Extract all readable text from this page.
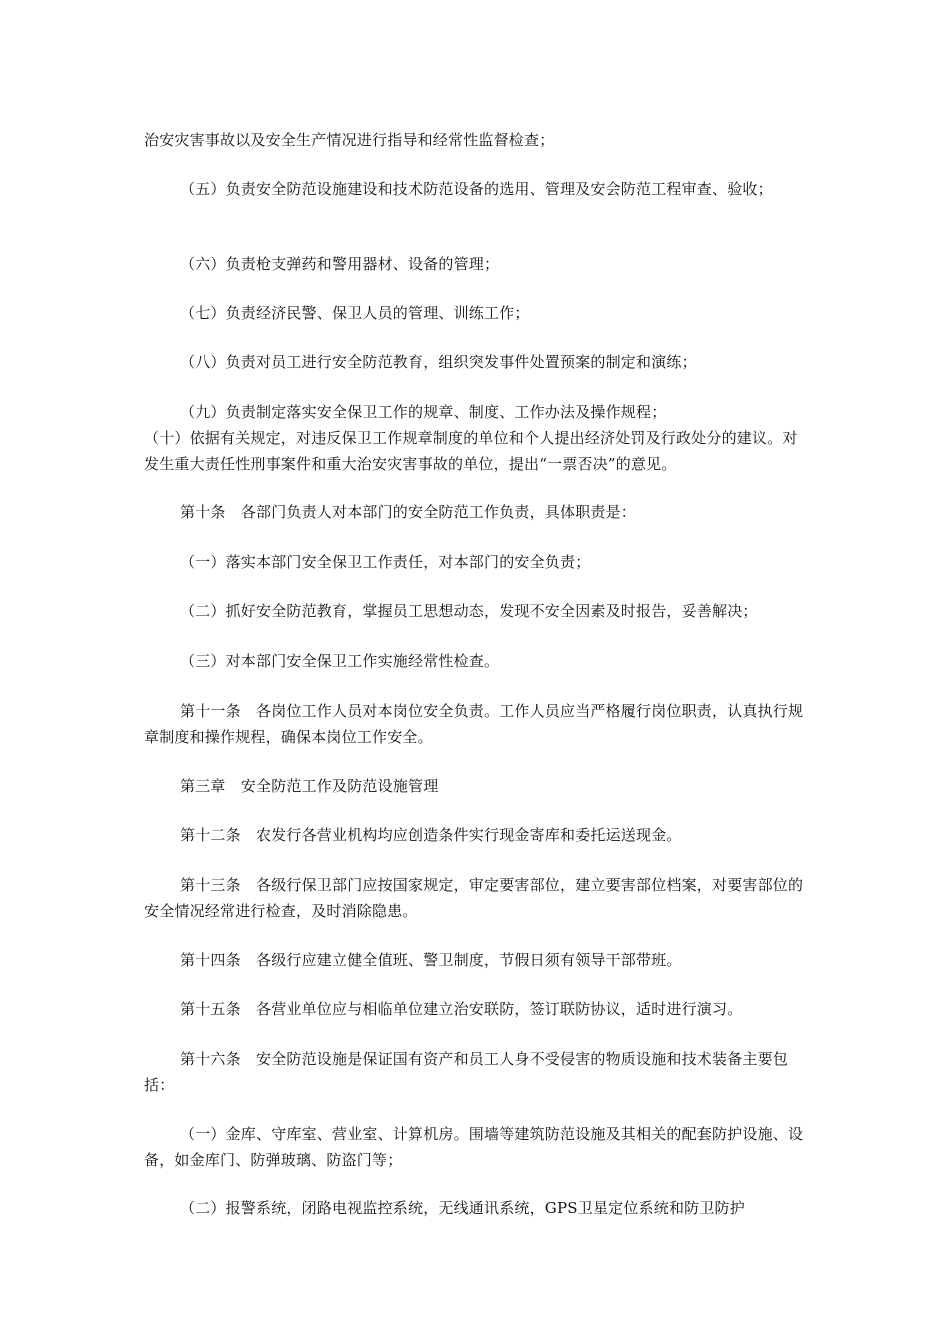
治安灾害事故以及安全生产情况进行指导和经常性监督检查；

（五）负责安全防范设施建设和技术防范设备的选用、管理及安会防范工程审查、验收；

（六）负责枪支弹药和警用器材、设备的管理；

（七）负责经济民警、保卫人员的管理、训练工作；

（八）负责对员工进行安全防范教育，组织突发事件处置预案的制定和演练；

（九）负责制定落实安全保卫工作的规章、制度、工作办法及操作规程；

（十）依据有关规定，对违反保卫工作规章制度的单位和个人提出经济处罚及行政处分的建议。对发生重大责任性刑事案件和重大治安灾害事故的单位，提出“一票否决”的意见。

第十条　各部门负责人对本部门的安全防范工作负责，具体职责是：

（一）落实本部门安全保卫工作责任，对本部门的安全负责；

（二）抓好安全防范教育，掌握员工思想动态，发现不安全因素及时报告，妥善解决；

（三）对本部门安全保卫工作实施经常性检查。

第十一条　各岗位工作人员对本岗位安全负责。工作人员应当严格履行岗位职责，认真执行规章制度和操作规程，确保本岗位工作安全。

第三章　安全防范工作及防范设施管理

第十二条　农发行各营业机构均应创造条件实行现金寄库和委托运送现金。

第十三条　各级行保卫部门应按国家规定，审定要害部位，建立要害部位档案，对要害部位的安全情况经常进行检查，及时消除隐患。

第十四条　各级行应建立健全值班、警卫制度，节假日须有领导干部带班。

第十五条　各营业单位应与相临单位建立治安联防，签订联防协议，适时进行演习。

第十六条　安全防范设施是保证国有资产和员工人身不受侵害的物质设施和技术装备主要包括：

（一）金库、守库室、营业室、计算机房。围墙等建筑防范设施及其相关的配套防护设施、设备，如金库门、防弹玻璃、防盗门等；

（二）报警系统，闭路电视监控系统，无线通讯系统，GPS卫星定位系统和防卫防护
